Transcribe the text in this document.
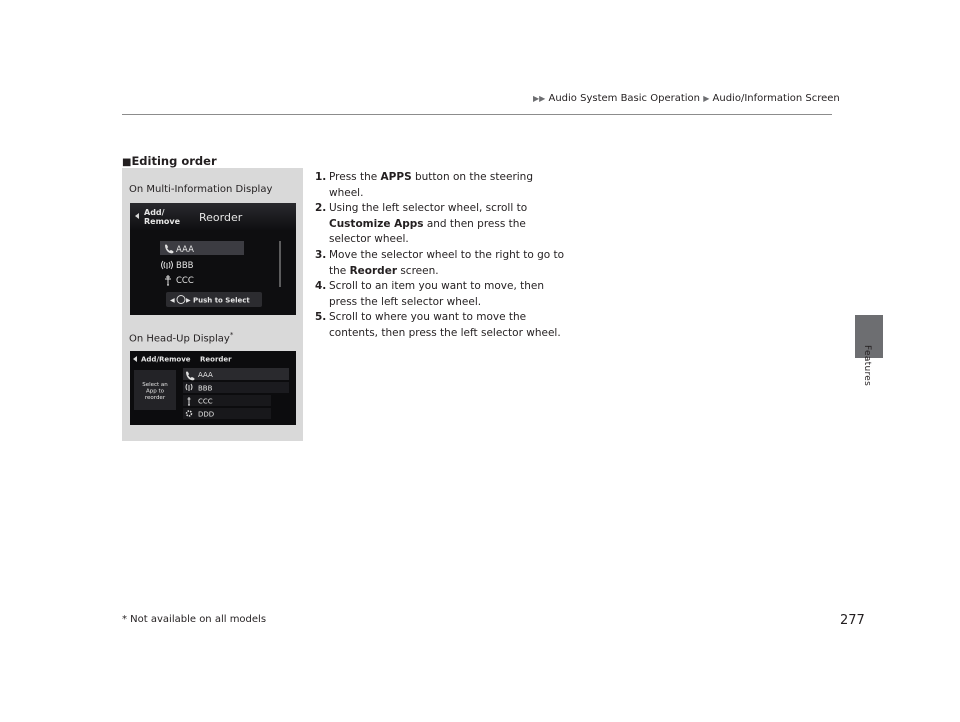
▶▶ Audio System Basic Operation ▶ Audio/Information Screen
Features
■Editing order
On Multi-Information Display
On Head-Up Display*
Add/
Remove Reorder
AAA
BBB
CCC
◀ ▶ Push to Select
Add/Remove Reorder
Select an
App to
reorder
AAA
BBB
CCC
DDD
1. Press the APPS button on the steering wheel.
2. Using the left selector wheel, scroll to Customize Apps and then press the selector wheel.
3. Move the selector wheel to the right to go to the Reorder screen.
4. Scroll to an item you want to move, then press the left selector wheel.
5. Scroll to where you want to move the contents, then press the left selector wheel.
277
* Not available on all models
